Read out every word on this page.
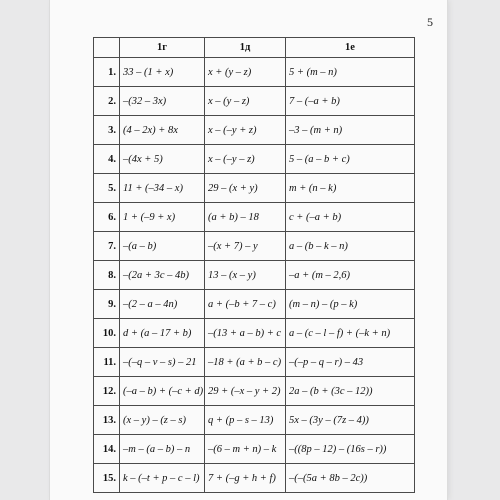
5
	1г	1д	1е
1.	33 – (1 + x)	x + (y – z)	5 + (m – n)
2.	–(32 – 3x)	x – (y – z)	7 – (–a + b)
3.	(4 – 2x) + 8x	x – (–y + z)	–3 – (m + n)
4.	–(4x + 5)	x – (–y – z)	5 – (a – b + c)
5.	11 + (–34 – x)	29 – (x + y)	m + (n – k)
6.	1 + (–9 + x)	(a + b) – 18	c + (–a + b)
7.	–(a – b)	–(x + 7) – y	a – (b – k – n)
8.	–(2a + 3c – 4b)	13 – (x – y)	–a + (m – 2,6)
9.	–(2 – a – 4n)	a + (–b + 7 – c)	(m – n) – (p – k)
10.	d + (a – 17 + b)	–(13 + a – b) + c	a – (c – l – f) + (–k + n)
11.	–(–q – v – s) – 21	–18 + (a + b – c)	–(–p – q – r) – 43
12.	(–a – b) + (–c + d)	29 + (–x – y + 2)	2a – (b + (3c – 12))
13.	(x – y) – (z – s)	q + (p – s – 13)	5x – (3y – (7z – 4))
14.	–m – (a – b) – n	–(6 – m + n) – k	–((8p – 12) – (16s – r))
15.	k – (–t + p – c – l)	7 + (–g + h + f)	–(–(5a + 8b – 2c))
